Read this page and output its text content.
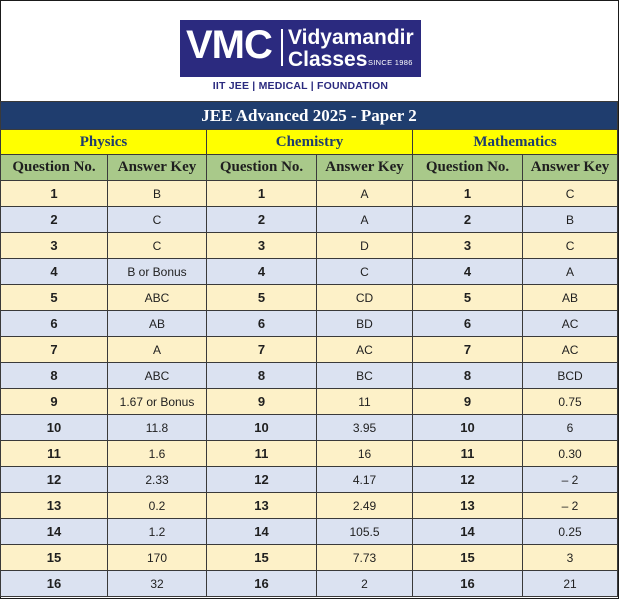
VMC Vidyamandir
Classes SINCE 1986
IIT JEE | MEDICAL | FOUNDATION
JEE Advanced 2025 - Paper 2					
Physics		Chemistry		Mathematics	
Question No.	Answer Key	Question No.	Answer Key	Question No.	Answer Key
1	B	1	A	1	C
2	C	2	A	2	B
3	C	3	D	3	C
4	B or Bonus	4	C	4	A
5	ABC	5	CD	5	AB
6	AB	6	BD	6	AC
7	A	7	AC	7	AC
8	ABC	8	BC	8	BCD
9	1.67 or Bonus	9	11	9	0.75
10	11.8	10	3.95	10	6
11	1.6	11	16	11	0.30
12	2.33	12	4.17	12	– 2
13	0.2	13	2.49	13	– 2
14	1.2	14	105.5	14	0.25
15	170	15	7.73	15	3
16	32	16	2	16	21
